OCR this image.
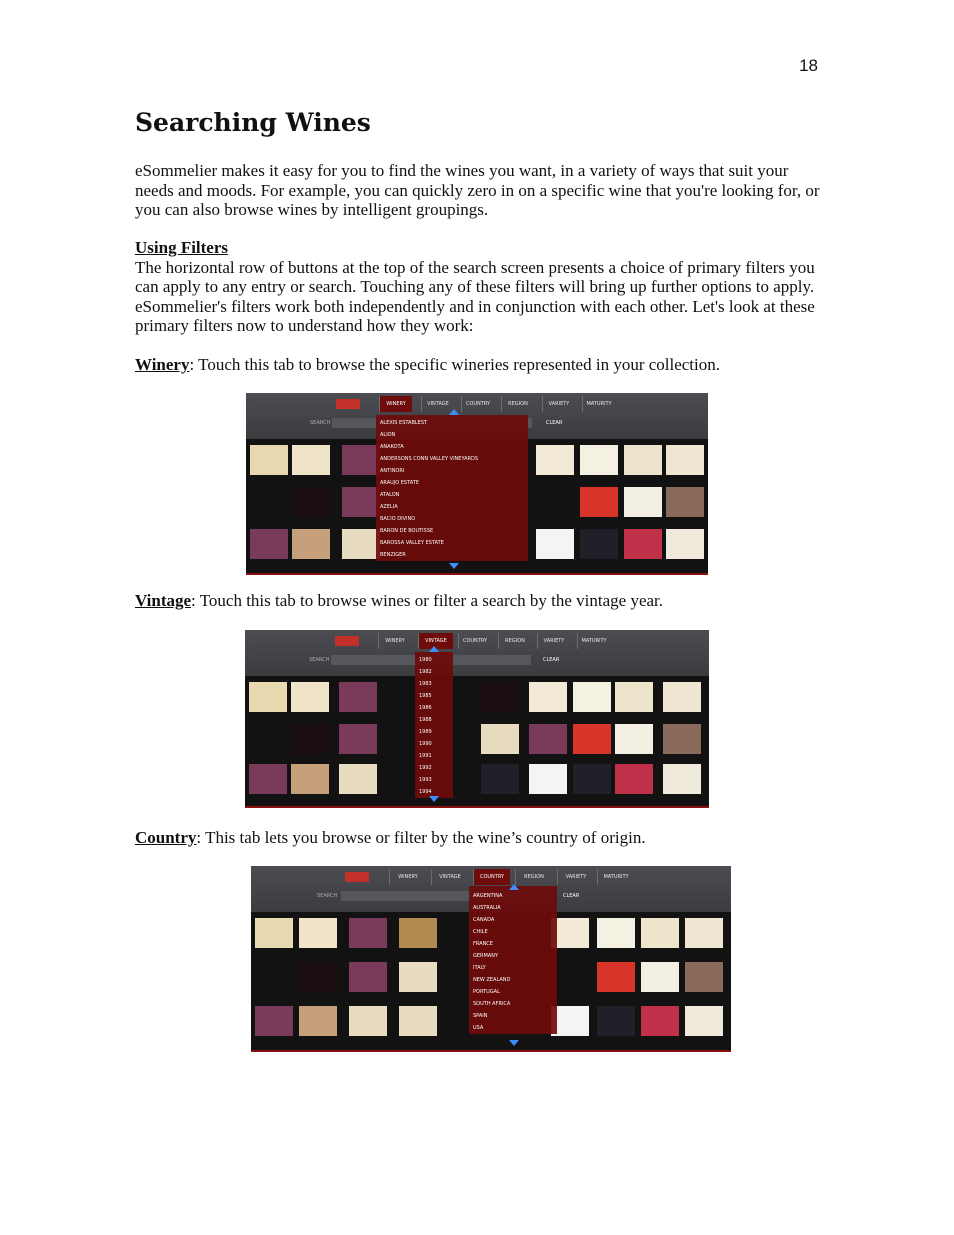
18
Searching Wines

eSommelier makes it easy for you to find the wines you want, in a variety of ways that suit your needs and moods. For example, you can quickly zero in on a specific wine that you're looking for, or you can also browse wines by intelligent groupings.

Using Filters
The horizontal row of buttons at the top of the search screen presents a choice of primary filters you can apply to any entry or search. Touching any of these filters will bring up further options to apply. eSommelier's filters work both independently and in conjunction with each other. Let's look at these primary filters now to understand how they work:

Winery: Touch this tab to browse the specific wineries represented in your collection.

WINERY	VINTAGE	COUNTRY	REGION	VARIETY	MATURITY
SEARCH	CLEAR
ALEXIS ESTABLEST
ALION
ANAKOTA
ANDERSONS CONN VALLEY VINEYARDS
ANTINORI
ARAUJO ESTATE
ATALON
AZELIA
BACIO DIVINO
BARON DE BOUTISSE
BAROSSA VALLEY ESTATE
BENZIGER

Vintage: Touch this tab to browse wines or filter a search by the vintage year.

WINERY	VINTAGE	COUNTRY	REGION	VARIETY	MATURITY
SEARCH	CLEAR
1980
1982
1983
1985
1986
1988
1989
1990
1991
1992
1993
1994

Country: This tab lets you browse or filter by the wine’s country of origin.

WINERY	VINTAGE	COUNTRY	REGION	VARIETY	MATURITY
SEARCH	CLEAR
ARGENTINA
AUSTRALIA
CANADA
CHILE
FRANCE
GERMANY
ITALY
NEW ZEALAND
PORTUGAL
SOUTH AFRICA
SPAIN
USA
